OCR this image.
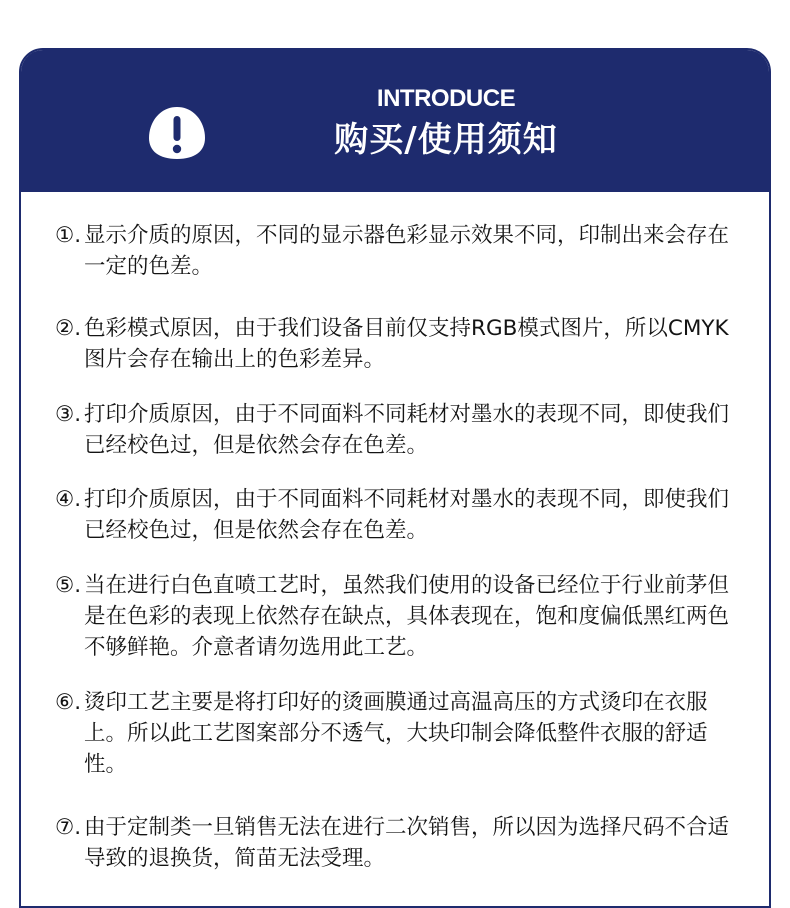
INTRODUCE
购买/使用须知
①. 显示介质的原因，不同的显示器色彩显示效果不同，印制出来会存在一定的色差。
②. 色彩模式原因，由于我们设备目前仅支持RGB模式图片，所以CMYK 图片会存在输出上的色彩差异。
③. 打印介质原因，由于不同面料不同耗材对墨水的表现不同，即使我们已经校色过，但是依然会存在色差。
④. 打印介质原因，由于不同面料不同耗材对墨水的表现不同，即使我们已经校色过，但是依然会存在色差。
⑤. 当在进行白色直喷工艺时，虽然我们使用的设备已经位于行业前茅但是在色彩的表现上依然存在缺点，具体表现在，饱和度偏低黑红两色不够鲜艳。介意者请勿选用此工艺。
⑥. 烫印工艺主要是将打印好的烫画膜通过高温高压的方式烫印在衣服上。所以此工艺图案部分不透气，大块印制会降低整件衣服的舒适性。
⑦. 由于定制类一旦销售无法在进行二次销售，所以因为选择尺码不合适导致的退换货，简苗无法受理。
